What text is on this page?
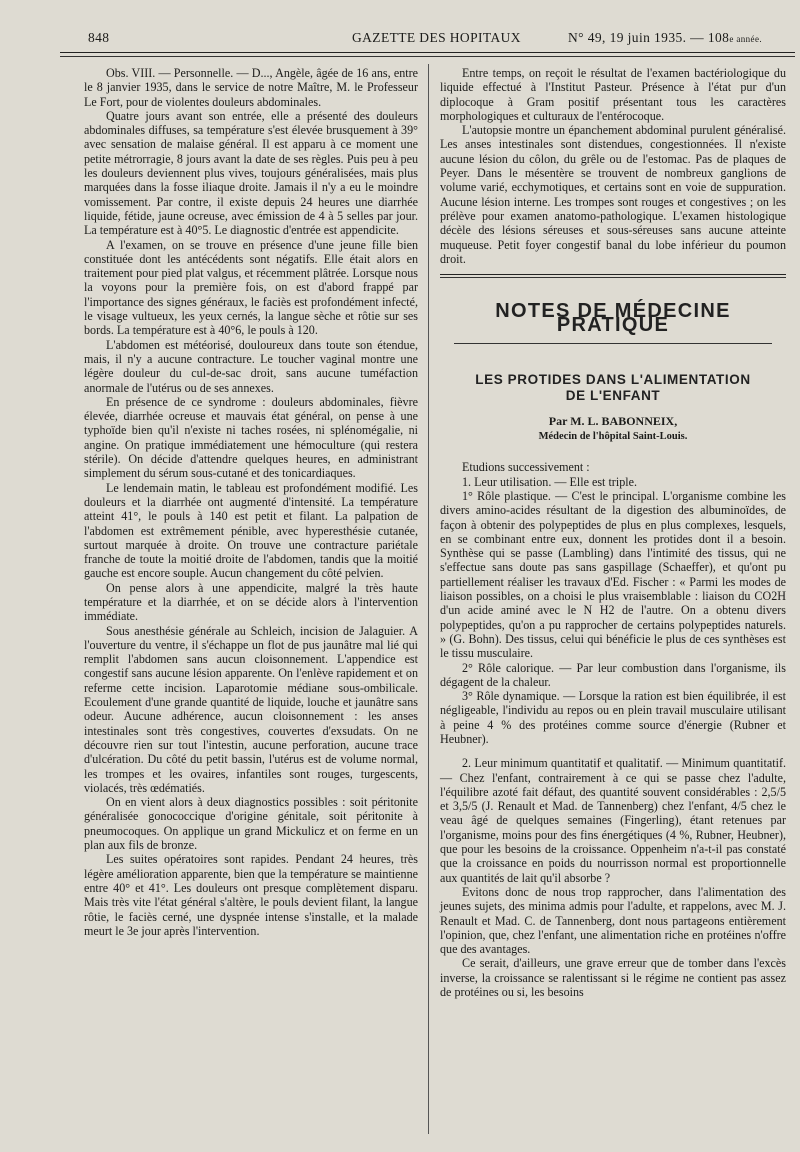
848	GAZETTE DES HOPITAUX	N° 49, 19 juin 1935. — 108e année.

Obs. VIII. — Personnelle. — D..., Angèle, âgée de 16 ans, entre le 8 janvier 1935, dans le service de notre Maître, M. le Professeur Le Fort, pour de violentes douleurs abdominales.

Quatre jours avant son entrée, elle a présenté des douleurs abdominales diffuses, sa température s'est élevée brusquement à 39° avec sensation de malaise général. Il est apparu à ce moment une petite métrorragie, 8 jours avant la date de ses règles. Puis peu à peu les douleurs deviennent plus vives, toujours généralisées, mais plus marquées dans la fosse iliaque droite. Jamais il n'y a eu le moindre vomissement. Par contre, il existe depuis 24 heures une diarrhée liquide, fétide, jaune ocreuse, avec émission de 4 à 5 selles par jour. La température est à 40°5. Le diagnostic d'entrée est appendicite.

A l'examen, on se trouve en présence d'une jeune fille bien constituée dont les antécédents sont négatifs. Elle était alors en traitement pour pied plat valgus, et récemment plâtrée. Lorsque nous la voyons pour la première fois, on est d'abord frappé par l'importance des signes généraux, le faciès est profondément infecté, le visage vultueux, les yeux cernés, la langue sèche et rôtie sur ses bords. La température est à 40°6, le pouls à 120.

L'abdomen est météorisé, douloureux dans toute son étendue, mais, il n'y a aucune contracture. Le toucher vaginal montre une légère douleur du cul-de-sac droit, sans aucune tuméfaction anormale de l'utérus ou de ses annexes.

En présence de ce syndrome : douleurs abdominales, fièvre élevée, diarrhée ocreuse et mauvais état général, on pense à une typhoïde bien qu'il n'existe ni taches rosées, ni splénomégalie, ni angine. On pratique immédiatement une hémoculture (qui restera stérile). On décide d'attendre quelques heures, en administrant simplement du sérum sous-cutané et des tonicardiaques.

Le lendemain matin, le tableau est profondément modifié. Les douleurs et la diarrhée ont augmenté d'intensité. La température atteint 41°, le pouls à 140 est petit et filant. La palpation de l'abdomen est extrêmement pénible, avec hyperesthésie cutanée, surtout marquée à droite. On trouve une contracture pariétale franche de toute la moitié droite de l'abdomen, tandis que la moitié gauche est encore souple. Aucun changement du côté pelvien.

On pense alors à une appendicite, malgré la très haute température et la diarrhée, et on se décide alors à l'intervention immédiate.

Sous anesthésie générale au Schleich, incision de Jalaguier. A l'ouverture du ventre, il s'échappe un flot de pus jaunâtre mal lié qui remplit l'abdomen sans aucun cloisonnement. L'appendice est congestif sans aucune lésion apparente. On l'enlève rapidement et on referme cette incision. Laparotomie médiane sous-ombilicale. Ecoulement d'une grande quantité de liquide, louche et jaunâtre sans odeur. Aucune adhérence, aucun cloisonnement : les anses intestinales sont très congestives, couvertes d'exsudats. On ne découvre rien sur tout l'intestin, aucune perforation, aucune trace d'ulcération. Du côté du petit bassin, l'utérus est de volume normal, les trompes et les ovaires, infantiles sont rouges, turgescents, violacés, très œdématiés.

On en vient alors à deux diagnostics possibles : soit péritonite généralisée gonococcique d'origine génitale, soit péritonite à pneumocoques. On applique un grand Mickulicz et on ferme en un plan aux fils de bronze.

Les suites opératoires sont rapides. Pendant 24 heures, très légère amélioration apparente, bien que la température se maintienne entre 40° et 41°. Les douleurs ont presque complètement disparu. Mais très vite l'état général s'altère, le pouls devient filant, la langue rôtie, le faciès cerné, une dyspnée intense s'installe, et la malade meurt le 3e jour après l'intervention.

Entre temps, on reçoit le résultat de l'examen bactériologique du liquide effectué à l'Institut Pasteur. Présence à l'état pur d'un diplocoque à Gram positif présentant tous les caractères morphologiques et culturaux de l'entérocoque.

L'autopsie montre un épanchement abdominal purulent généralisé. Les anses intestinales sont distendues, congestionnées. Il n'existe aucune lésion du côlon, du grêle ou de l'estomac. Pas de plaques de Peyer. Dans le mésentère se trouvent de nombreux ganglions de volume varié, ecchymotiques, et certains sont en voie de suppuration. Aucune lésion interne. Les trompes sont rouges et congestives ; on les prélève pour examen anatomo-pathologique. L'examen histologique décèle des lésions séreuses et sous-séreuses sans aucune atteinte muqueuse. Petit foyer congestif banal du lobe inférieur du poumon droit.

NOTES DE MÉDECINE PRATIQUE
LES PROTIDES DANS L'ALIMENTATION
DE L'ENFANT
Par M. L. BABONNEIX,
Médecin de l'hôpital Saint-Louis.

Etudions successivement :

1. Leur utilisation. — Elle est triple.

1° Rôle plastique. — C'est le principal. L'organisme combine les divers amino-acides résultant de la digestion des albuminoïdes, de façon à obtenir des polypeptides de plus en plus complexes, lesquels, en se combinant entre eux, donnent les protides dont il a besoin. Synthèse qui se passe (Lambling) dans l'intimité des tissus, qui ne s'effectue sans doute pas sans gaspillage (Schaeffer), et qu'ont pu partiellement réaliser les travaux d'Ed. Fischer : « Parmi les modes de liaison possibles, on a choisi le plus vraisemblable : liaison du CO2H d'un acide aminé avec le N H2 de l'autre. On a obtenu divers polypeptides, qu'on a pu rapprocher de certains polypeptides naturels. » (G. Bohn). Des tissus, celui qui bénéficie le plus de ces synthèses est le tissu musculaire.

2° Rôle calorique. — Par leur combustion dans l'organisme, ils dégagent de la chaleur.

3° Rôle dynamique. — Lorsque la ration est bien équilibrée, il est négligeable, l'individu au repos ou en plein travail musculaire utilisant à peine 4 % des protéines comme source d'énergie (Rubner et Heubner).

2. Leur minimum quantitatif et qualitatif. — Minimum quantitatif. — Chez l'enfant, contrairement à ce qui se passe chez l'adulte, l'équilibre azoté fait défaut, des quantité souvent considérables : 2,5/5 et 3,5/5 (J. Renault et Mad. de Tannenberg) chez l'enfant, 4/5 chez le veau âgé de quelques semaines (Fingerling), étant retenues par l'organisme, moins pour des fins énergétiques (4 %, Rubner, Heubner), que pour les besoins de la croissance. Oppenheim n'a-t-il pas constaté que la croissance en poids du nourrisson normal est proportionnelle aux quantités de lait qu'il absorbe ?

Evitons donc de nous trop rapprocher, dans l'alimentation des jeunes sujets, des minima admis pour l'adulte, et rappelons, avec M. J. Renault et Mad. C. de Tannenberg, dont nous partageons entièrement l'opinion, que, chez l'enfant, une alimentation riche en protéines n'offre que des avantages.

Ce serait, d'ailleurs, une grave erreur que de tomber dans l'excès inverse, la croissance se ralentissant si le régime ne contient pas assez de protéines ou si, les besoins
